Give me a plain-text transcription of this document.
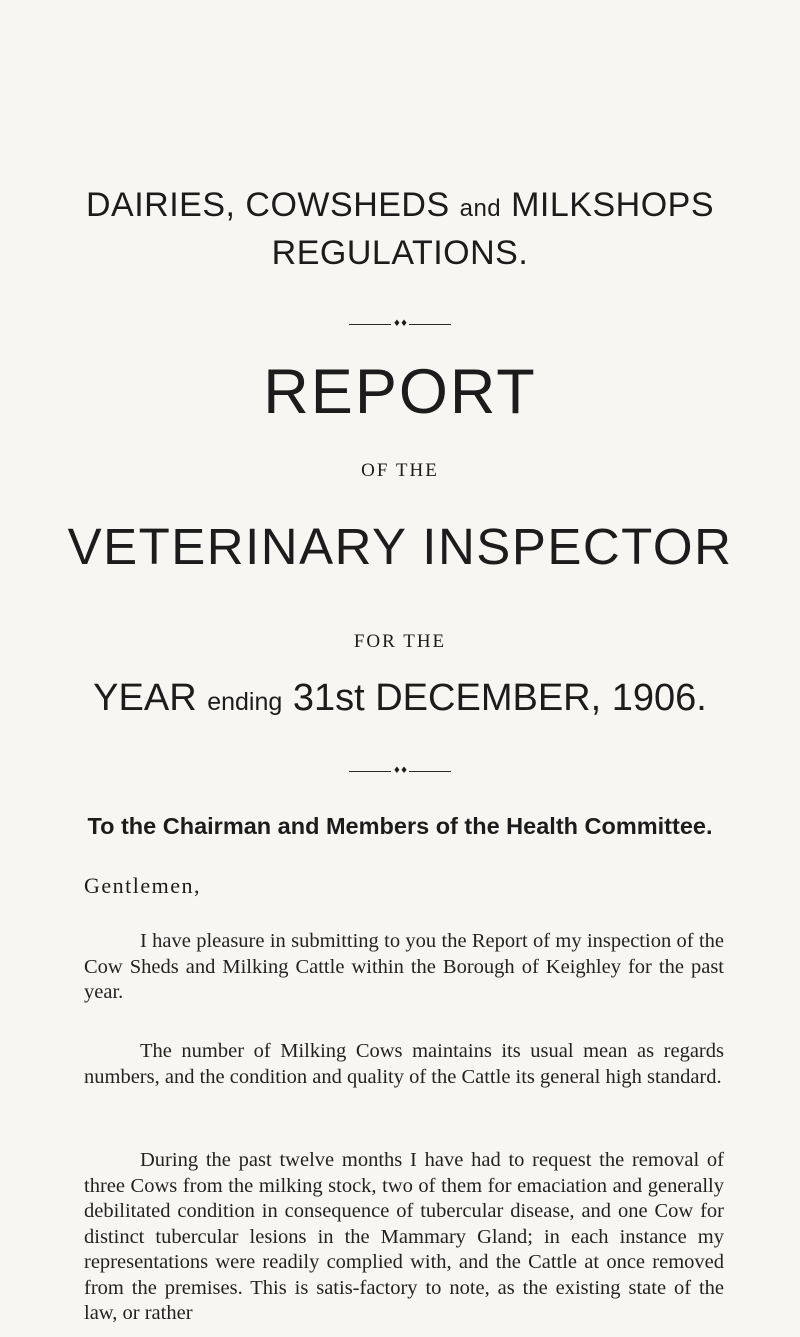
DAIRIES, COWSHEDS and MILKSHOPS
REGULATIONS.
♦♦
REPORT
OF THE
VETERINARY INSPECTOR
FOR THE
YEAR ending 31st DECEMBER, 1906.
♦♦
To the Chairman and Members of the Health Committee.
Gentlemen,

I have pleasure in submitting to you the Report of my inspection of the Cow Sheds and Milking Cattle within the Borough of Keighley for the past year.

The number of Milking Cows maintains its usual mean as regards numbers, and the condition and quality of the Cattle its general high standard.

During the past twelve months I have had to request the removal of three Cows from the milking stock, two of them for emaciation and generally debilitated condition in consequence of tubercular disease, and one Cow for distinct tubercular lesions in the Mammary Gland; in each instance my representations were readily complied with, and the Cattle at once removed from the premises. This is satis-factory to note, as the existing state of the law, or rather
